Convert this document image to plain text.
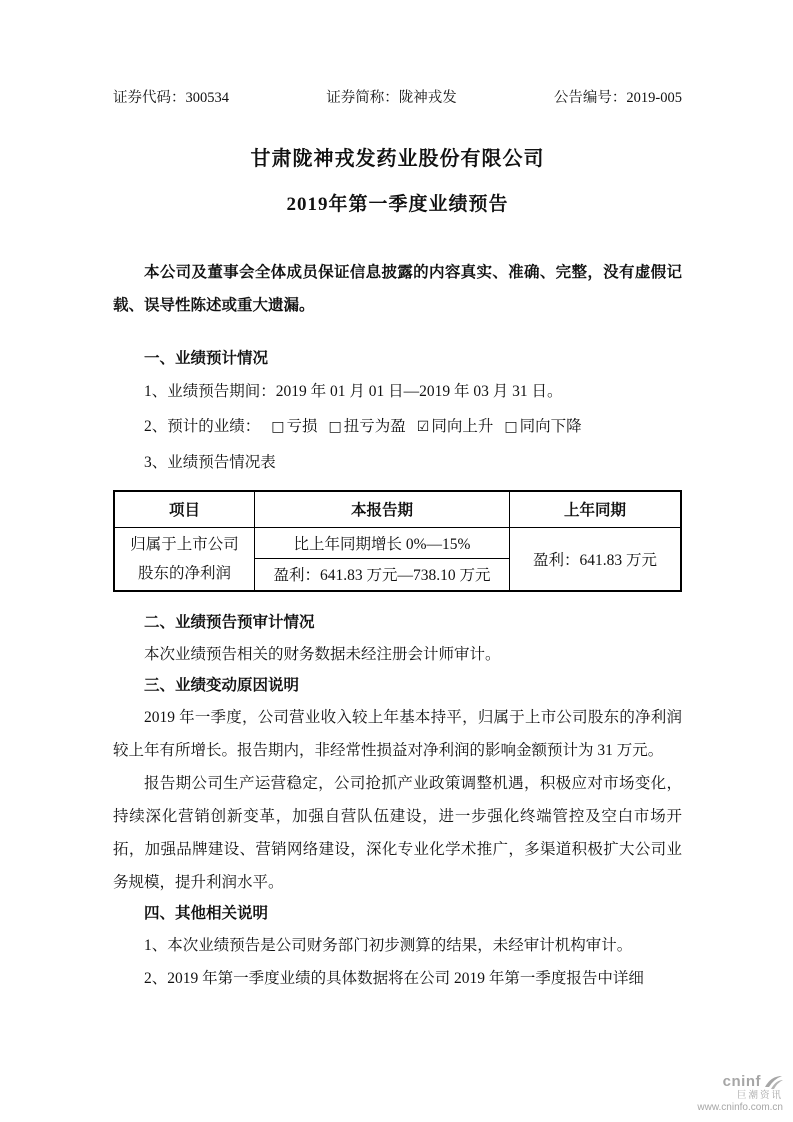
证券代码：300534	证券简称：陇神戎发	公告编号：2019-005
甘肃陇神戎发药业股份有限公司
2019年第一季度业绩预告
本公司及董事会全体成员保证信息披露的内容真实、准确、完整，没有虚假记载、误导性陈述或重大遗漏。
一、业绩预计情况
1、业绩预告期间：2019 年 01 月 01 日—2019 年 03 月 31 日。
2、预计的业绩： □ 亏损 □ 扭亏为盈 ☑ 同向上升 □ 同向下降
3、业绩预告情况表
项目	本报告期	上年同期

归属于上市公司
股东的净利润	比上年同期增长 0%—15%	盈利：641.83 万元
	盈利：641.83 万元—738.10 万元	
二、业绩预告预审计情况
本次业绩预告相关的财务数据未经注册会计师审计。
三、业绩变动原因说明
2019 年一季度，公司营业收入较上年基本持平，归属于上市公司股东的净利润较上年有所增长。报告期内，非经常性损益对净利润的影响金额预计为 31 万元。
报告期公司生产运营稳定，公司抢抓产业政策调整机遇，积极应对市场变化，持续深化营销创新变革，加强自营队伍建设，进一步强化终端管控及空白市场开拓，加强品牌建设、营销网络建设，深化专业化学术推广，多渠道积极扩大公司业务规模，提升利润水平。
四、其他相关说明
1、本次业绩预告是公司财务部门初步测算的结果，未经审计机构审计。
2、2019 年第一季度业绩的具体数据将在公司 2019 年第一季度报告中详细
cninf
巨潮资讯
www.cninfo.com.cn
